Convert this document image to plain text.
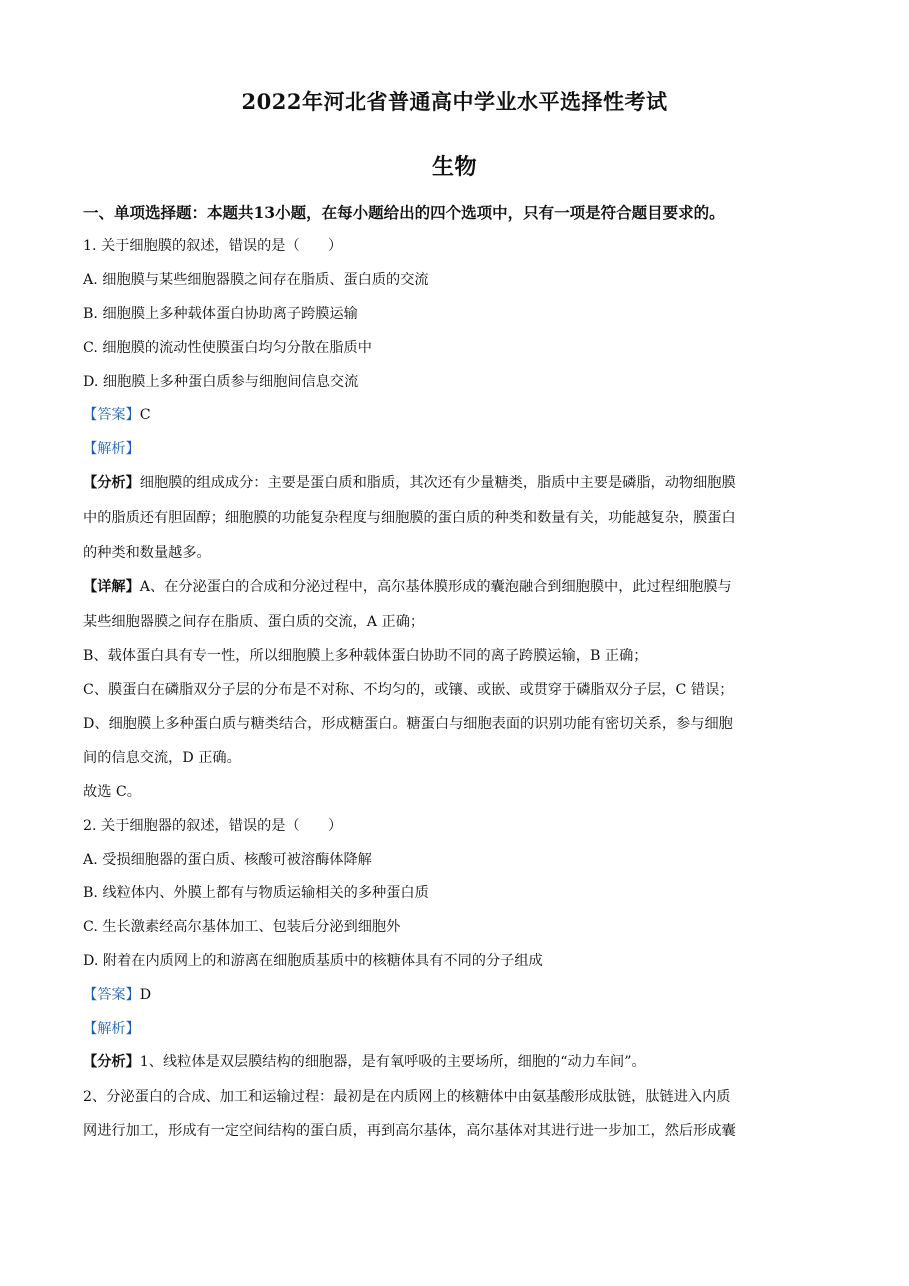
2022年河北省普通高中学业水平选择性考试
生物
一、单项选择题：本题共13小题，在每小题给出的四个选项中，只有一项是符合题目要求的。
1. 关于细胞膜的叙述，错误的是（　　）
A. 细胞膜与某些细胞器膜之间存在脂质、蛋白质的交流
B. 细胞膜上多种载体蛋白协助离子跨膜运输
C. 细胞膜的流动性使膜蛋白均匀分散在脂质中
D. 细胞膜上多种蛋白质参与细胞间信息交流
【答案】C
【解析】
【分析】细胞膜的组成成分：主要是蛋白质和脂质，其次还有少量糖类，脂质中主要是磷脂，动物细胞膜
中的脂质还有胆固醇；细胞膜的功能复杂程度与细胞膜的蛋白质的种类和数量有关，功能越复杂，膜蛋白
的种类和数量越多。
【详解】A、在分泌蛋白的合成和分泌过程中，高尔基体膜形成的囊泡融合到细胞膜中，此过程细胞膜与
某些细胞器膜之间存在脂质、蛋白质的交流，A 正确；
B、载体蛋白具有专一性，所以细胞膜上多种载体蛋白协助不同的离子跨膜运输，B 正确；
C、膜蛋白在磷脂双分子层的分布是不对称、不均匀的，或镶、或嵌、或贯穿于磷脂双分子层，C 错误；
D、细胞膜上多种蛋白质与糖类结合，形成糖蛋白。糖蛋白与细胞表面的识别功能有密切关系，参与细胞
间的信息交流，D 正确。
故选 C。
2. 关于细胞器的叙述，错误的是（　　）
A. 受损细胞器的蛋白质、核酸可被溶酶体降解
B. 线粒体内、外膜上都有与物质运输相关的多种蛋白质
C. 生长激素经高尔基体加工、包装后分泌到细胞外
D. 附着在内质网上的和游离在细胞质基质中的核糖体具有不同的分子组成
【答案】D
【解析】
【分析】1、线粒体是双层膜结构的细胞器，是有氧呼吸的主要场所，细胞的“动力车间”。
2、分泌蛋白的合成、加工和运输过程：最初是在内质网上的核糖体中由氨基酸形成肽链，肽链进入内质
网进行加工，形成有一定空间结构的蛋白质，再到高尔基体，高尔基体对其进行进一步加工，然后形成囊
